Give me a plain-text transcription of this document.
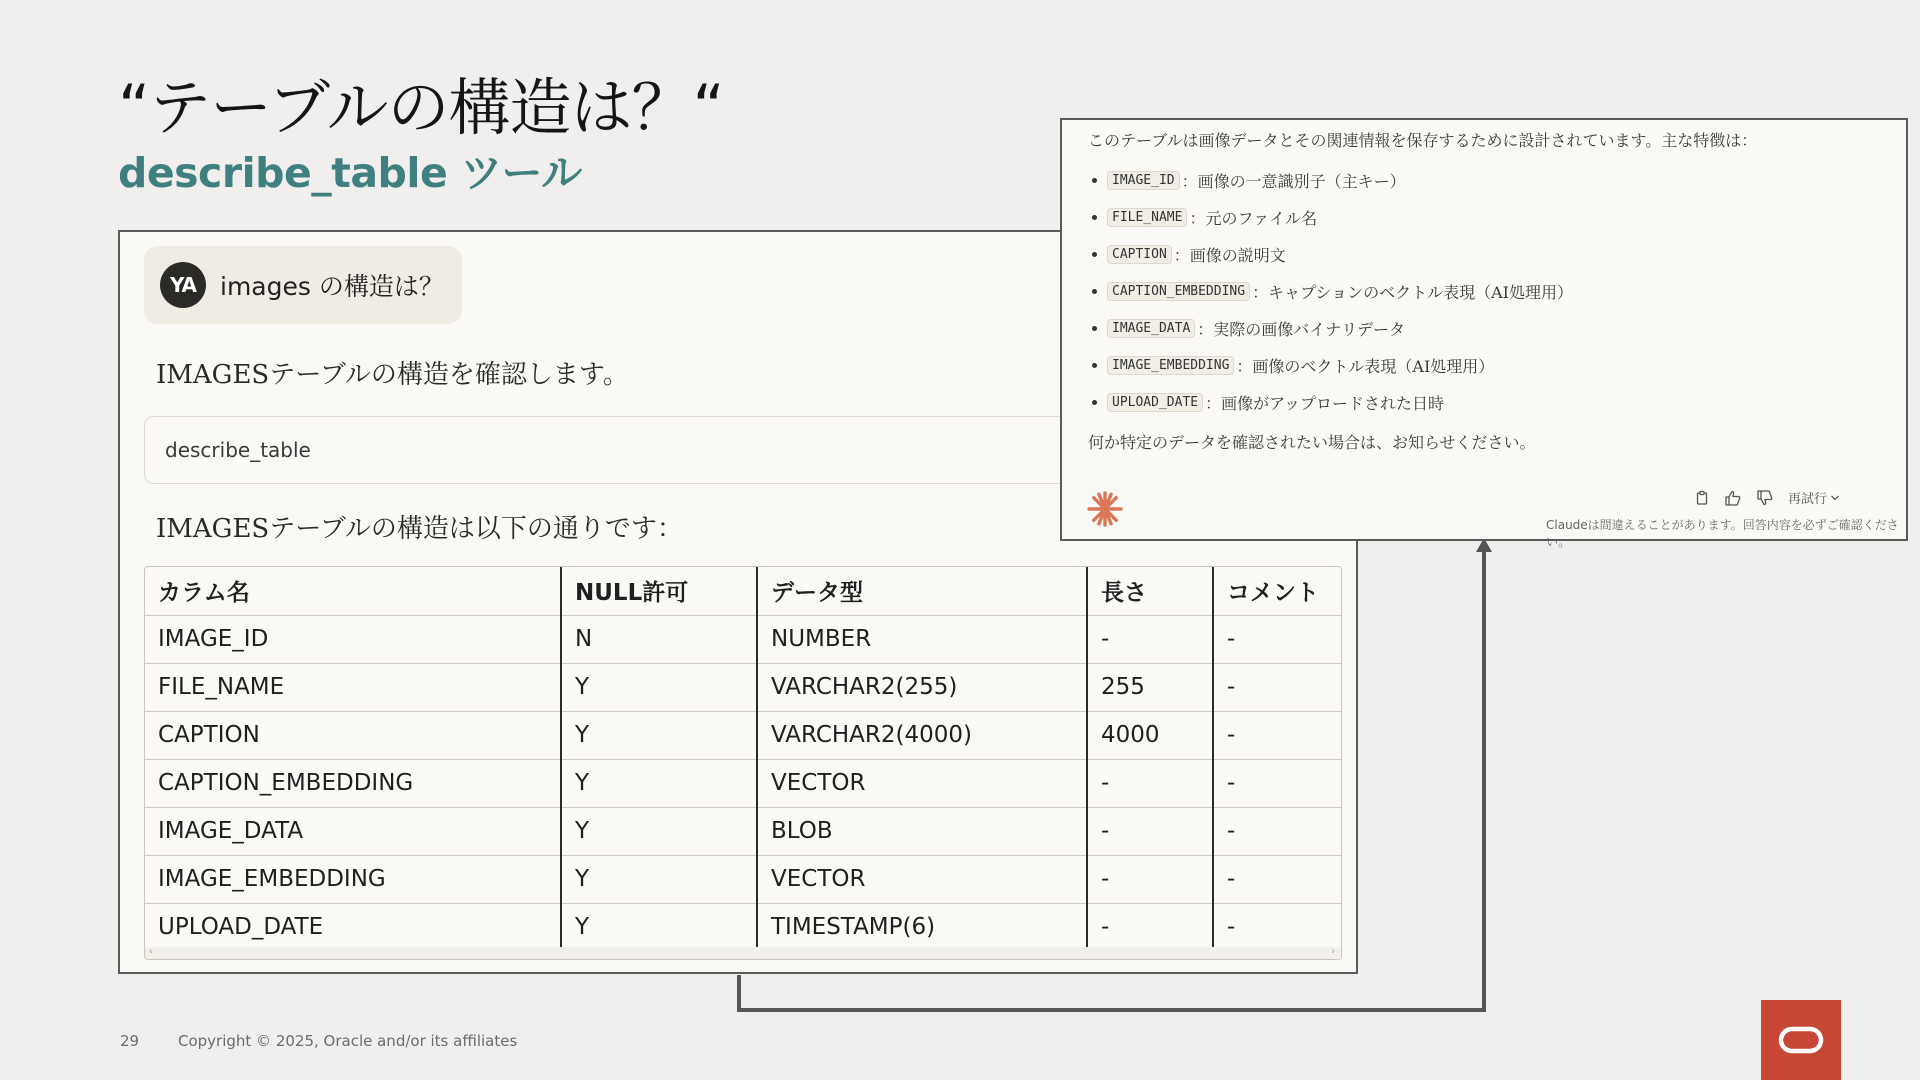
“テーブルの構造は？“
describe_table ツール
YA images の構造は？
IMAGESテーブルの構造を確認します。
describe_table
IMAGESテーブルの構造は以下の通りです：
カラム名	NULL許可	データ型	長さ	コメント
IMAGE_ID	N	NUMBER	-	-
FILE_NAME	Y	VARCHAR2(255)	255	-
CAPTION	Y	VARCHAR2(4000)	4000	-
CAPTION_EMBEDDING	Y	VECTOR	-	-
IMAGE_DATA	Y	BLOB	-	-
IMAGE_EMBEDDING	Y	VECTOR	-	-
UPLOAD_DATE	Y	TIMESTAMP(6)	-	-
‹	›
このテーブルは画像データとその関連情報を保存するために設計されています。主な特徴は：
IMAGE_ID ：画像の一意識別子（主キー）
FILE_NAME ：元のファイル名
CAPTION ：画像の説明文
CAPTION_EMBEDDING ：キャプションのベクトル表現（AI処理用）
IMAGE_DATA ：実際の画像バイナリデータ
IMAGE_EMBEDDING ：画像のベクトル表現（AI処理用）
UPLOAD_DATE ：画像がアップロードされた日時
何か特定のデータを確認されたい場合は、お知らせください。
再試行
Claudeは間違えることがあります。回答内容を必ずご確認ください。
29	Copyright © 2025, Oracle and/or its affiliates
